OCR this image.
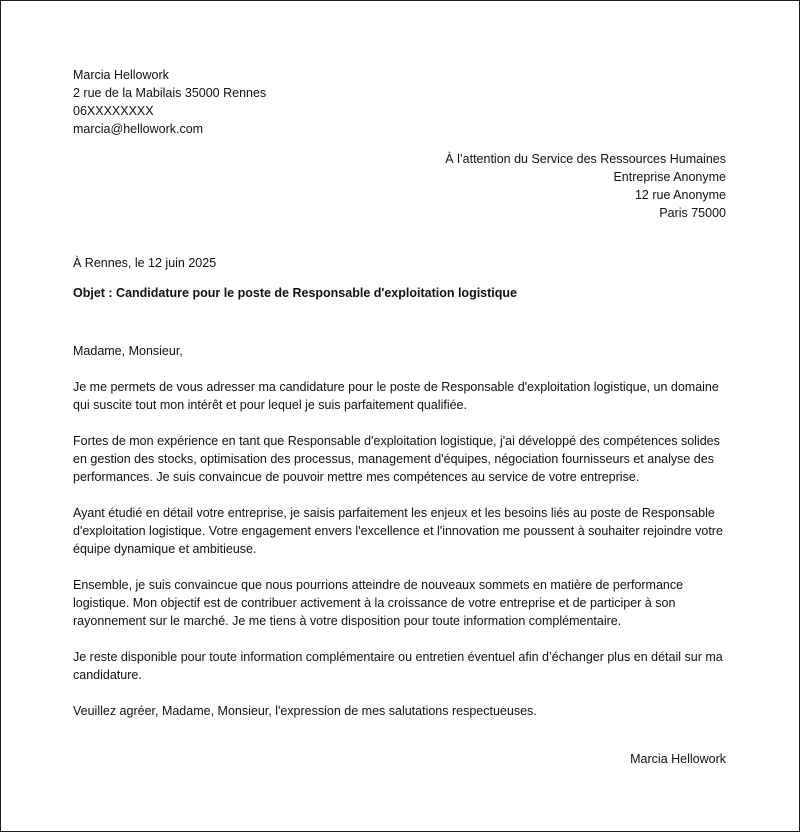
Marcia Hellowork
2 rue de la Mabilais 35000 Rennes
06XXXXXXXX
marcia@hellowork.com
À l’attention du Service des Ressources Humaines
Entreprise Anonyme
12 rue Anonyme
Paris 75000
À Rennes, le 12 juin 2025
Objet : Candidature pour le poste de Responsable d'exploitation logistique
Madame, Monsieur,
Je me permets de vous adresser ma candidature pour le poste de Responsable d'exploitation logistique, un domaine qui suscite tout mon intérêt et pour lequel je suis parfaitement qualifiée.
Fortes de mon expérience en tant que Responsable d'exploitation logistique, j'ai développé des compétences solides en gestion des stocks, optimisation des processus, management d'équipes, négociation fournisseurs et analyse des performances. Je suis convaincue de pouvoir mettre mes compétences au service de votre entreprise.
Ayant étudié en détail votre entreprise, je saisis parfaitement les enjeux et les besoins liés au poste de Responsable d'exploitation logistique. Votre engagement envers l'excellence et l'innovation me poussent à souhaiter rejoindre votre équipe dynamique et ambitieuse.
Ensemble, je suis convaincue que nous pourrions atteindre de nouveaux sommets en matière de performance logistique. Mon objectif est de contribuer activement à la croissance de votre entreprise et de participer à son rayonnement sur le marché. Je me tiens à votre disposition pour toute information complémentaire.
Je reste disponible pour toute information complémentaire ou entretien éventuel afin d’échanger plus en détail sur ma candidature.
Veuillez agréer, Madame, Monsieur, l'expression de mes salutations respectueuses.
Marcia Hellowork
